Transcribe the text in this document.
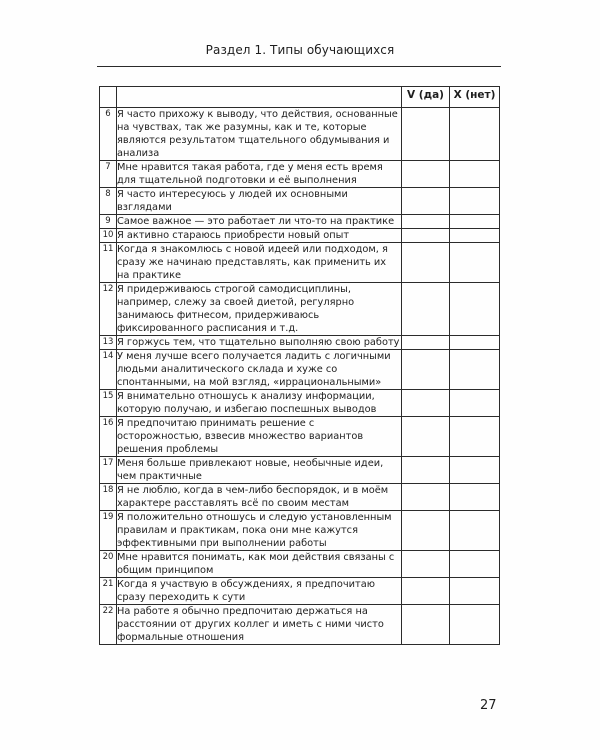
Раздел 1. Типы обучающихся
		V (да)	X (нет)
6	Я часто прихожу к выводу, что действия, основанные на чувствах, так же разумны, как и те, которые являются результатом тщательного обдумывания и анализа		
7	Мне нравится такая работа, где у меня есть время для тщательной подготовки и её выполнения		
8	Я часто интересуюсь у людей их основными взглядами		
9	Самое важное — это работает ли что-то на практике		
10	Я активно стараюсь приобрести новый опыт		
11	Когда я знакомлюсь с новой идеей или подходом, я сразу же начинаю представлять, как применить их на практике		
12	Я придерживаюсь строгой самодисциплины, например, слежу за своей диетой, регулярно занимаюсь фитнесом, придерживаюсь фиксированного расписания и т.д.		
13	Я горжусь тем, что тщательно выполняю свою работу		
14	У меня лучше всего получается ладить с логичными людьми аналитического склада и хуже со спонтанными, на мой взгляд, «иррациональными»		
15	Я внимательно отношусь к анализу информации, которую получаю, и избегаю поспешных выводов		
16	Я предпочитаю принимать решение с осторожностью, взвесив множество вариантов решения проблемы		
17	Меня больше привлекают новые, необычные идеи, чем практичные		
18	Я не люблю, когда в чем-либо беспорядок, и в моём характере расставлять всё по своим местам		
19	Я положительно отношусь и следую установленным правилам и практикам, пока они мне кажутся эффективными при выполнении работы		
20	Мне нравится понимать, как мои действия связаны с общим принципом		
21	Когда я участвую в обсуждениях, я предпочитаю сразу переходить к сути		
22	На работе я обычно предпочитаю держаться на расстоянии от других коллег и иметь с ними чисто формальные отношения		
27
